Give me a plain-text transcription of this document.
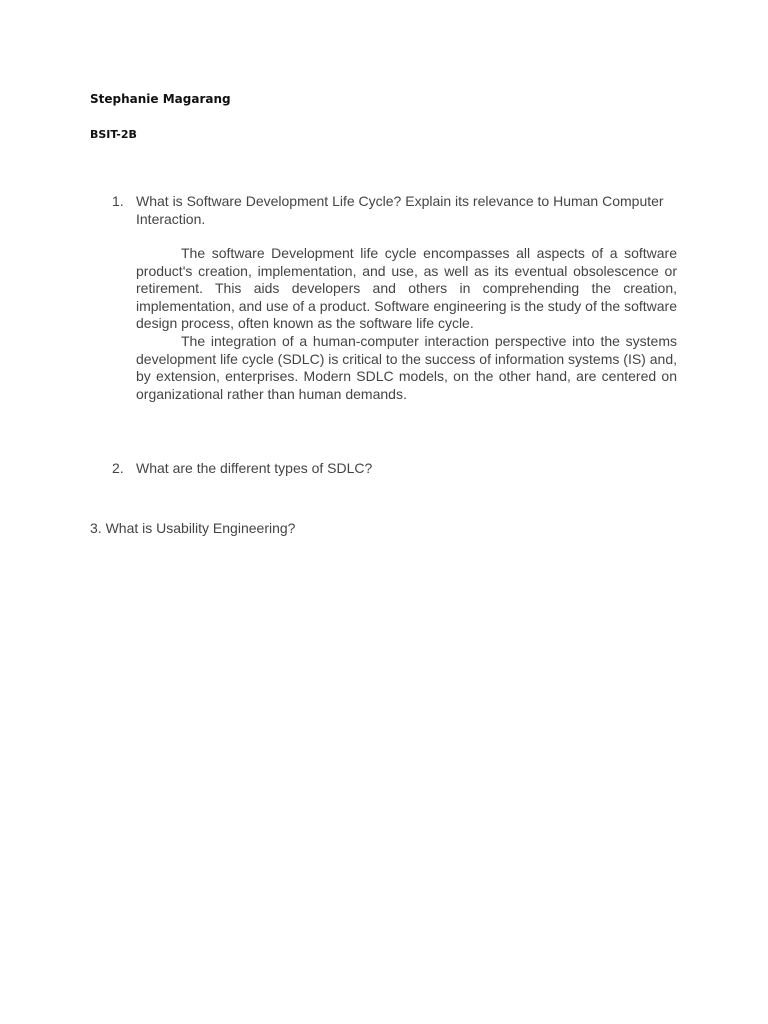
Stephanie Magarang
BSIT-2B
1. What is Software Development Life Cycle? Explain its relevance to Human Computer Interaction.

The software Development life cycle encompasses all aspects of a software product's creation, implementation, and use, as well as its eventual obsolescence or retirement. This aids developers and others in comprehending the creation, implementation, and use of a product. Software engineering is the study of the software design process, often known as the software life cycle.

The integration of a human-computer interaction perspective into the systems development life cycle (SDLC) is critical to the success of information systems (IS) and, by extension, enterprises. Modern SDLC models, on the other hand, are centered on organizational rather than human demands.

2. What are the different types of SDLC?
3. What is Usability Engineering?
